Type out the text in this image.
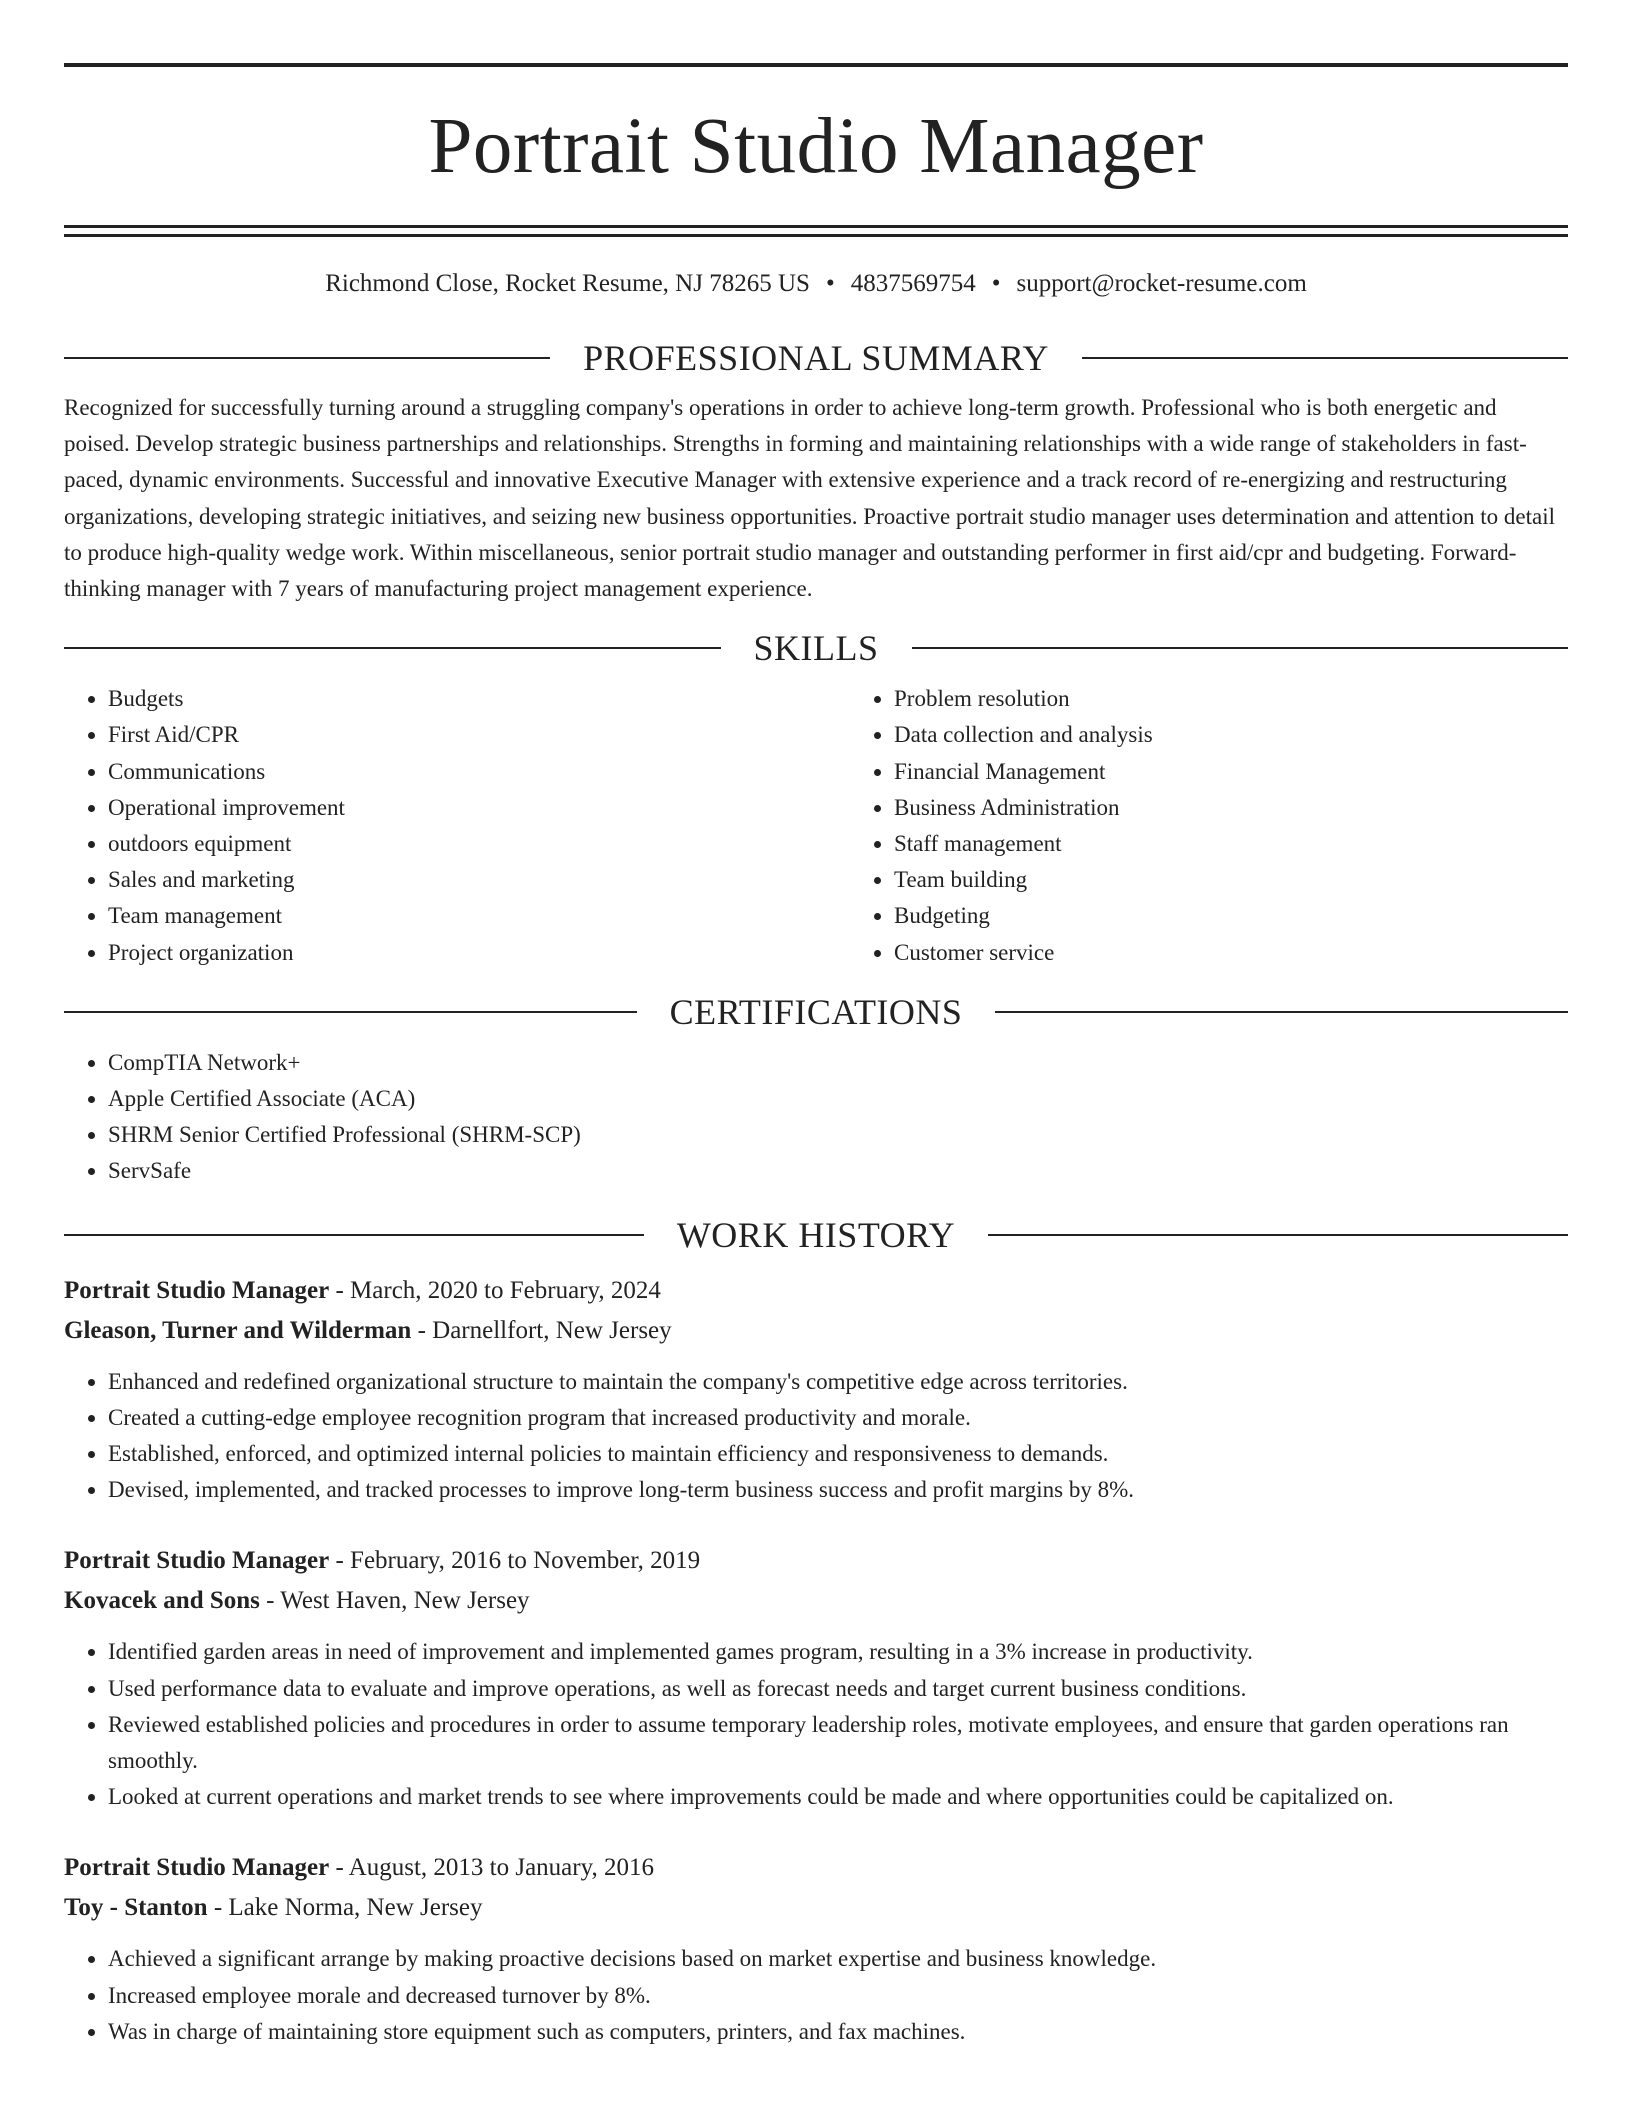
Portrait Studio Manager
Richmond Close, Rocket Resume, NJ 78265 US • 4837569754 • support@rocket-resume.com
PROFESSIONAL SUMMARY
Recognized for successfully turning around a struggling company's operations in order to achieve long-term growth. Professional who is both energetic and poised. Develop strategic business partnerships and relationships. Strengths in forming and maintaining relationships with a wide range of stakeholders in fast-paced, dynamic environments. Successful and innovative Executive Manager with extensive experience and a track record of re-energizing and restructuring organizations, developing strategic initiatives, and seizing new business opportunities. Proactive portrait studio manager uses determination and attention to detail to produce high-quality wedge work. Within miscellaneous, senior portrait studio manager and outstanding performer in first aid/cpr and budgeting. Forward-thinking manager with 7 years of manufacturing project management experience.
SKILLS
• Budgets
• First Aid/CPR
• Communications
• Operational improvement
• outdoors equipment
• Sales and marketing
• Team management
• Project organization
• Problem resolution
• Data collection and analysis
• Financial Management
• Business Administration
• Staff management
• Team building
• Budgeting
• Customer service
CERTIFICATIONS
• CompTIA Network+
• Apple Certified Associate (ACA)
• SHRM Senior Certified Professional (SHRM-SCP)
• ServSafe
WORK HISTORY
Portrait Studio Manager - March, 2020 to February, 2024
Gleason, Turner and Wilderman - Darnellfort, New Jersey
• Enhanced and redefined organizational structure to maintain the company's competitive edge across territories.
• Created a cutting-edge employee recognition program that increased productivity and morale.
• Established, enforced, and optimized internal policies to maintain efficiency and responsiveness to demands.
• Devised, implemented, and tracked processes to improve long-term business success and profit margins by 8%.
Portrait Studio Manager - February, 2016 to November, 2019
Kovacek and Sons - West Haven, New Jersey
• Identified garden areas in need of improvement and implemented games program, resulting in a 3% increase in productivity.
• Used performance data to evaluate and improve operations, as well as forecast needs and target current business conditions.
• Reviewed established policies and procedures in order to assume temporary leadership roles, motivate employees, and ensure that garden operations ran smoothly.
• Looked at current operations and market trends to see where improvements could be made and where opportunities could be capitalized on.
Portrait Studio Manager - August, 2013 to January, 2016
Toy - Stanton - Lake Norma, New Jersey
• Achieved a significant arrange by making proactive decisions based on market expertise and business knowledge.
• Increased employee morale and decreased turnover by 8%.
• Was in charge of maintaining store equipment such as computers, printers, and fax machines.
